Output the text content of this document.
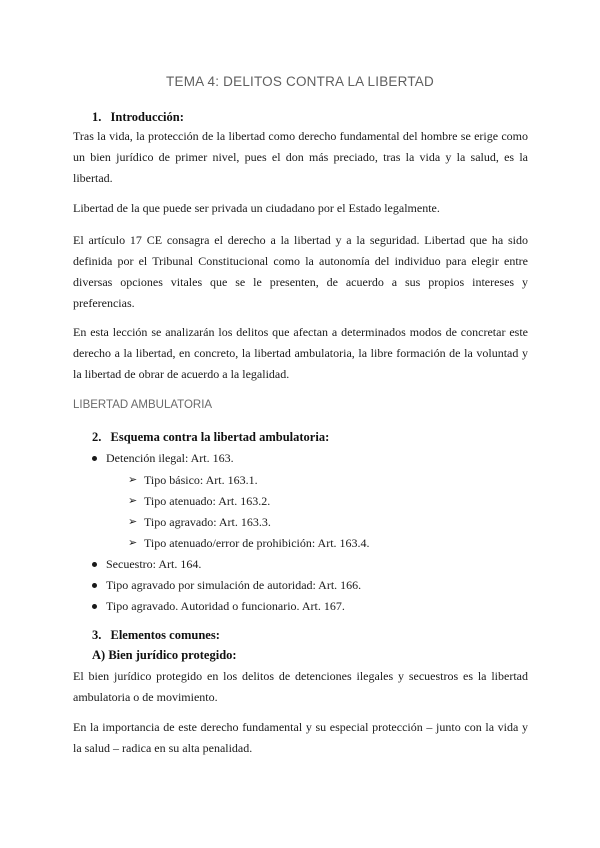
TEMA 4: DELITOS CONTRA LA LIBERTAD
1. Introducción:

Tras la vida, la protección de la libertad como derecho fundamental del hombre se erige como un bien jurídico de primer nivel, pues el don más preciado, tras la vida y la salud, es la libertad.

Libertad de la que puede ser privada un ciudadano por el Estado legalmente.

El artículo 17 CE consagra el derecho a la libertad y a la seguridad. Libertad que ha sido definida por el Tribunal Constitucional como la autonomía del individuo para elegir entre diversas opciones vitales que se le presenten, de acuerdo a sus propios intereses y preferencias.

En esta lección se analizarán los delitos que afectan a determinados modos de concretar este derecho a la libertad, en concreto, la libertad ambulatoria, la libre formación de la voluntad y la libertad de obrar de acuerdo a la legalidad.

LIBERTAD AMBULATORIA
2. Esquema contra la libertad ambulatoria:
Detención ilegal: Art. 163.
➢ Tipo básico: Art. 163.1.
➢ Tipo atenuado: Art. 163.2.
➢ Tipo agravado: Art. 163.3.
➢ Tipo atenuado/error de prohibición: Art. 163.4.
Secuestro: Art. 164.
Tipo agravado por simulación de autoridad: Art. 166.
Tipo agravado. Autoridad o funcionario. Art. 167.
3. Elementos comunes:
A) Bien jurídico protegido:

El bien jurídico protegido en los delitos de detenciones ilegales y secuestros es la libertad ambulatoria o de movimiento.

En la importancia de este derecho fundamental y su especial protección – junto con la vida y la salud – radica en su alta penalidad.
